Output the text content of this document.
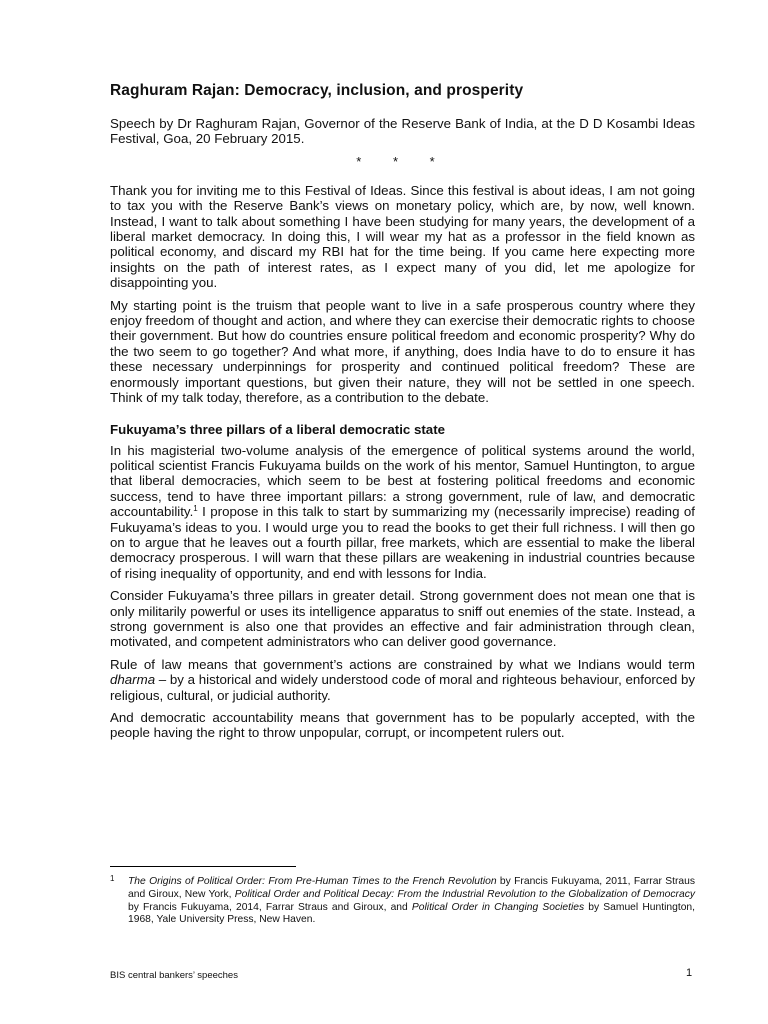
Raghuram Rajan: Democracy, inclusion, and prosperity

Speech by Dr Raghuram Rajan, Governor of the Reserve Bank of India, at the D D Kosambi Ideas Festival, Goa, 20 February 2015.

* * *

Thank you for inviting me to this Festival of Ideas. Since this festival is about ideas, I am not going to tax you with the Reserve Bank’s views on monetary policy, which are, by now, well known. Instead, I want to talk about something I have been studying for many years, the development of a liberal market democracy. In doing this, I will wear my hat as a professor in the field known as political economy, and discard my RBI hat for the time being. If you came here expecting more insights on the path of interest rates, as I expect many of you did, let me apologize for disappointing you.

My starting point is the truism that people want to live in a safe prosperous country where they enjoy freedom of thought and action, and where they can exercise their democratic rights to choose their government. But how do countries ensure political freedom and economic prosperity? Why do the two seem to go together? And what more, if anything, does India have to do to ensure it has these necessary underpinnings for prosperity and continued political freedom? These are enormously important questions, but given their nature, they will not be settled in one speech. Think of my talk today, therefore, as a contribution to the debate.

Fukuyama’s three pillars of a liberal democratic state

In his magisterial two-volume analysis of the emergence of political systems around the world, political scientist Francis Fukuyama builds on the work of his mentor, Samuel Huntington, to argue that liberal democracies, which seem to be best at fostering political freedoms and economic success, tend to have three important pillars: a strong government, rule of law, and democratic accountability.$^1$ I propose in this talk to start by summarizing my (necessarily imprecise) reading of Fukuyama’s ideas to you. I would urge you to read the books to get their full richness. I will then go on to argue that he leaves out a fourth pillar, free markets, which are essential to make the liberal democracy prosperous. I will warn that these pillars are weakening in industrial countries because of rising inequality of opportunity, and end with lessons for India.

Consider Fukuyama’s three pillars in greater detail. Strong government does not mean one that is only militarily powerful or uses its intelligence apparatus to sniff out enemies of the state. Instead, a strong government is also one that provides an effective and fair administration through clean, motivated, and competent administrators who can deliver good governance.

Rule of law means that government’s actions are constrained by what we Indians would term dharma – by a historical and widely understood code of moral and righteous behaviour, enforced by religious, cultural, or judicial authority.

And democratic accountability means that government has to be popularly accepted, with the people having the right to throw unpopular, corrupt, or incompetent rulers out.

1 The Origins of Political Order: From Pre-Human Times to the French Revolution by Francis Fukuyama, 2011, Farrar Straus and Giroux, New York, Political Order and Political Decay: From the Industrial Revolution to the Globalization of Democracy by Francis Fukuyama, 2014, Farrar Straus and Giroux, and Political Order in Changing Societies by Samuel Huntington, 1968, Yale University Press, New Haven.
BIS central bankers’ speeches	1
